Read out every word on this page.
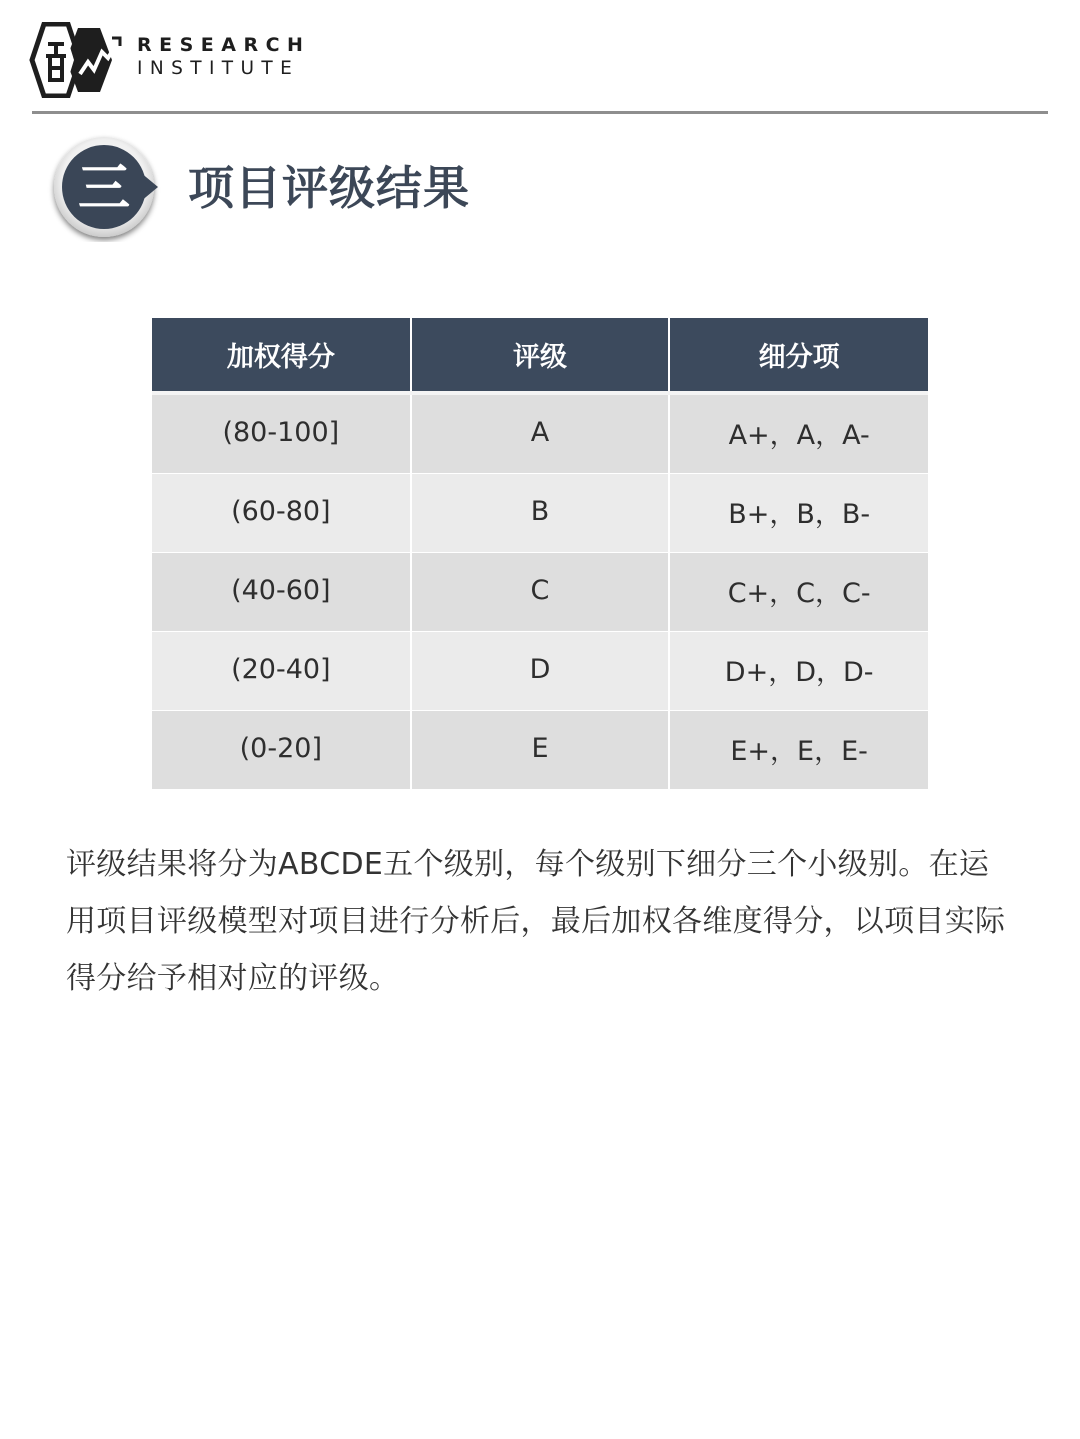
RESEARCH
INSTITUTE
三 项目评级结果
加权得分	评级	细分项
(80-100]	A	A+，A，A-
(60-80]	B	B+，B，B-
(40-60]	C	C+，C，C-
(20-40]	D	D+，D，D-
(0-20]	E	E+，E，E-

评级结果将分为ABCDE五个级别，每个级别下细分三个小级别。在运用项目评级模型对项目进行分析后，最后加权各维度得分，以项目实际得分给予相对应的评级。
